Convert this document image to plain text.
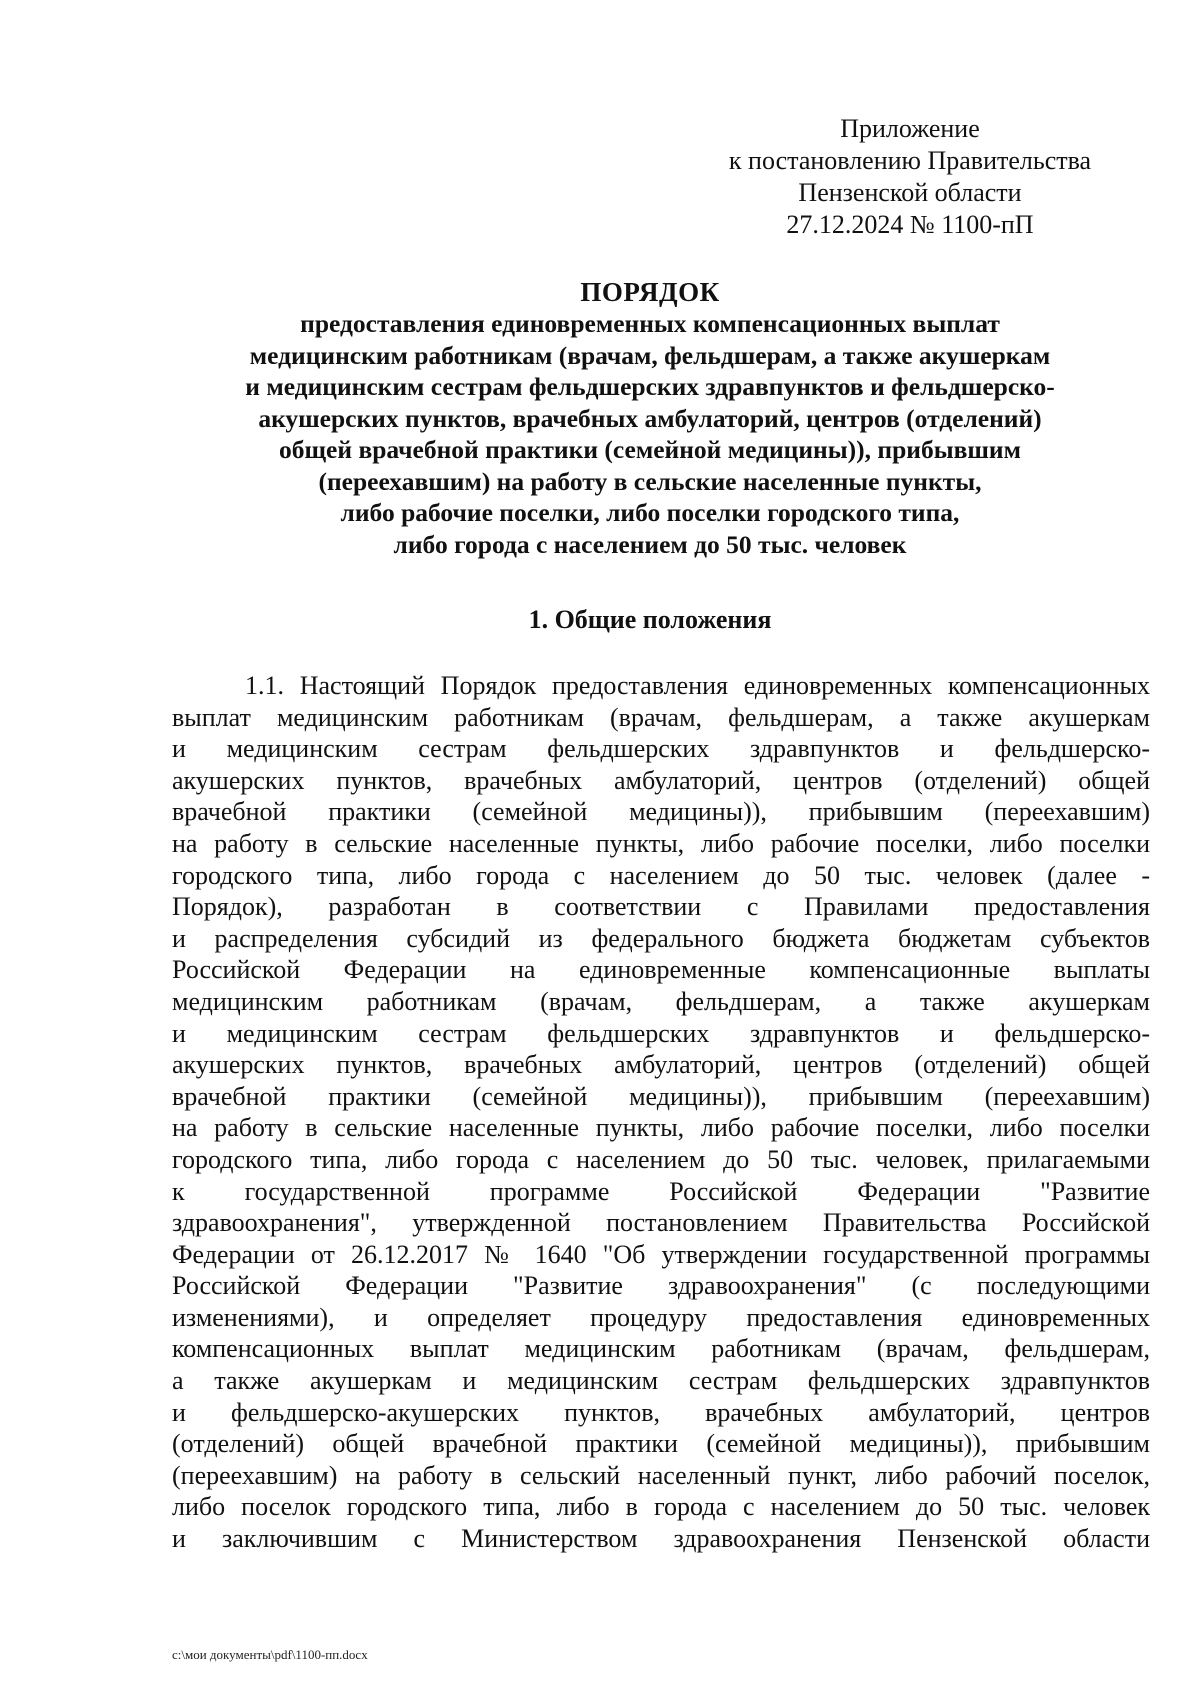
Приложение
к постановлению Правительства
Пензенской области
27.12.2024 № 1100-пП
ПОРЯДОК
предоставления единовременных компенсационных выплат
медицинским работникам (врачам, фельдшерам, а также акушеркам
и медицинским сестрам фельдшерских здравпунктов и фельдшерско-
акушерских пунктов, врачебных амбулаторий, центров (отделений)
общей врачебной практики (семейной медицины)), прибывшим
(переехавшим) на работу в сельские населенные пункты,
либо рабочие поселки, либо поселки городского типа,
либо города с населением до 50 тыс. человек
1. Общие положения
1.1. Настоящий Порядок предоставления единовременных компенсационных
выплат медицинским работникам (врачам, фельдшерам, а также акушеркам
и медицинским сестрам фельдшерских здравпунктов и фельдшерско-
акушерских пунктов, врачебных амбулаторий, центров (отделений) общей
врачебной практики (семейной медицины)), прибывшим (переехавшим)
на работу в сельские населенные пункты, либо рабочие поселки, либо поселки
городского типа, либо города с населением до 50 тыс. человек (далее -
Порядок), разработан в соответствии с Правилами предоставления
и распределения субсидий из федерального бюджета бюджетам субъектов
Российской Федерации на единовременные компенсационные выплаты
медицинским работникам (врачам, фельдшерам, а также акушеркам
и медицинским сестрам фельдшерских здравпунктов и фельдшерско-
акушерских пунктов, врачебных амбулаторий, центров (отделений) общей
врачебной практики (семейной медицины)), прибывшим (переехавшим)
на работу в сельские населенные пункты, либо рабочие поселки, либо поселки
городского типа, либо города с населением до 50 тыс. человек, прилагаемыми
к государственной программе Российской Федерации "Развитие
здравоохранения", утвержденной постановлением Правительства Российской
Федерации от 26.12.2017 № 1640 "Об утверждении государственной программы
Российской Федерации "Развитие здравоохранения" (с последующими
изменениями), и определяет процедуру предоставления единовременных
компенсационных выплат медицинским работникам (врачам, фельдшерам,
а также акушеркам и медицинским сестрам фельдшерских здравпунктов
и фельдшерско-акушерских пунктов, врачебных амбулаторий, центров
(отделений) общей врачебной практики (семейной медицины)), прибывшим
(переехавшим) на работу в сельский населенный пункт, либо рабочий поселок,
либо поселок городского типа, либо в города с населением до 50 тыс. человек
и заключившим с Министерством здравоохранения Пензенской области
c:\мои документы\pdf\1100-пп.docx
